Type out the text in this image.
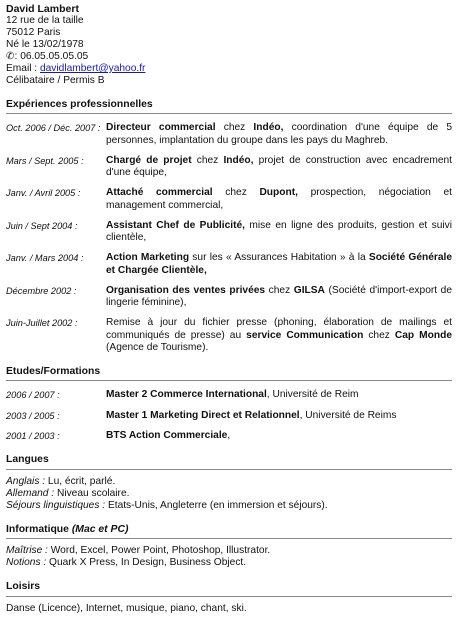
David Lambert
12 rue de la taille
75012 Paris
Né le 13/02/1978
✆: 06.05.05.05.05
Email : davidlambert@yahoo.fr
Célibataire / Permis B
Expériences professionnelles
Oct. 2006 / Déc. 2007 : Directeur commercial chez Indéo, coordination d'une équipe de 5 personnes, implantation du groupe dans les pays du Maghreb.
Mars / Sept. 2005 :	Chargé de projet chez Indéo, projet de construction avec encadrement d'une équipe,
Janv. / Avril 2005 :	Attaché commercial chez Dupont, prospection, négociation et management commercial,
Juin / Sept 2004 :	Assistant Chef de Publicité, mise en ligne des produits, gestion et suivi clientèle,
Janv. / Mars 2004 :	Action Marketing sur les « Assurances Habitation » à la Société Générale et Chargée Clientèle,
Décembre 2002 :	Organisation des ventes privées chez GILSA (Société d'import-export de lingerie féminine),
Juin-Juillet 2002 :	Remise à jour du fichier presse (phoning, élaboration de mailings et communiqués de presse) au service Communication chez Cap Monde (Agence de Tourisme).
Etudes/Formations
2006 / 2007 :	Master 2 Commerce International, Université de Reim
2003 / 2005 :	Master 1 Marketing Direct et Relationnel, Université de Reims
2001 / 2003 :	BTS Action Commerciale,
Langues
Anglais : Lu, écrit, parlé.
Allemand : Niveau scolaire.
Séjours linguistiques : Etats-Unis, Angleterre (en immersion et séjours).
Informatique (Mac et PC)
Maîtrise : Word, Excel, Power Point, Photoshop, Illustrator.
Notions : Quark X Press, In Design, Business Object.
Loisirs
Danse (Licence), Internet, musique, piano, chant, ski.
